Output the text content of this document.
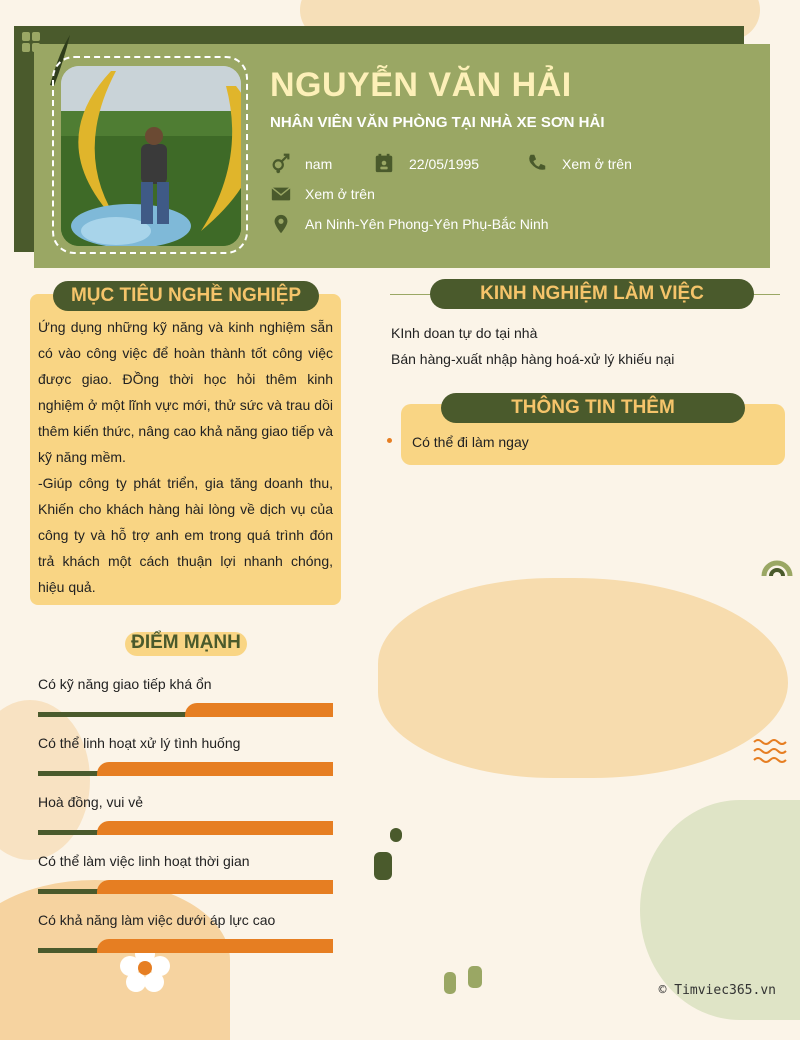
NGUYỄN VĂN HẢI
NHÂN VIÊN VĂN PHÒNG TẠI NHÀ XE SƠN HẢI
nam	22/05/1995	Xem ở trên
Xem ở trên
An Ninh-Yên Phong-Yên Phụ-Bắc Ninh
MỤC TIÊU NGHỀ NGHIỆP
Ứng dụng những kỹ năng và kinh nghiệm sẵn có vào công việc để hoàn thành tốt công việc được giao. ĐỒng thời học hỏi thêm kinh nghiệm ở một lĩnh vực mới, thử sức và trau dồi thêm kiến thức, nâng cao khả năng giao tiếp và kỹ năng mềm.
-Giúp công ty phát triển, gia tăng doanh thu, Khiến cho khách hàng hài lòng về dịch vụ của công ty và hỗ trợ anh em trong quá trình đón trả khách một cách thuận lợi nhanh chóng, hiệu quả.
ĐIỂM MẠNH
Có kỹ năng giao tiếp khá ổn
Có thể linh hoạt xử lý tình huống
Hoà đồng, vui vẻ
Có thể làm việc linh hoạt thời gian
Có khả năng làm việc dưới áp lực cao
KINH NGHIỆM LÀM VIỆC
KInh doan tự do tại nhà
Bán hàng-xuất nhập hàng hoá-xử lý khiếu nại
THÔNG TIN THÊM
Có thể đi làm ngay
© Timviec365.vn
